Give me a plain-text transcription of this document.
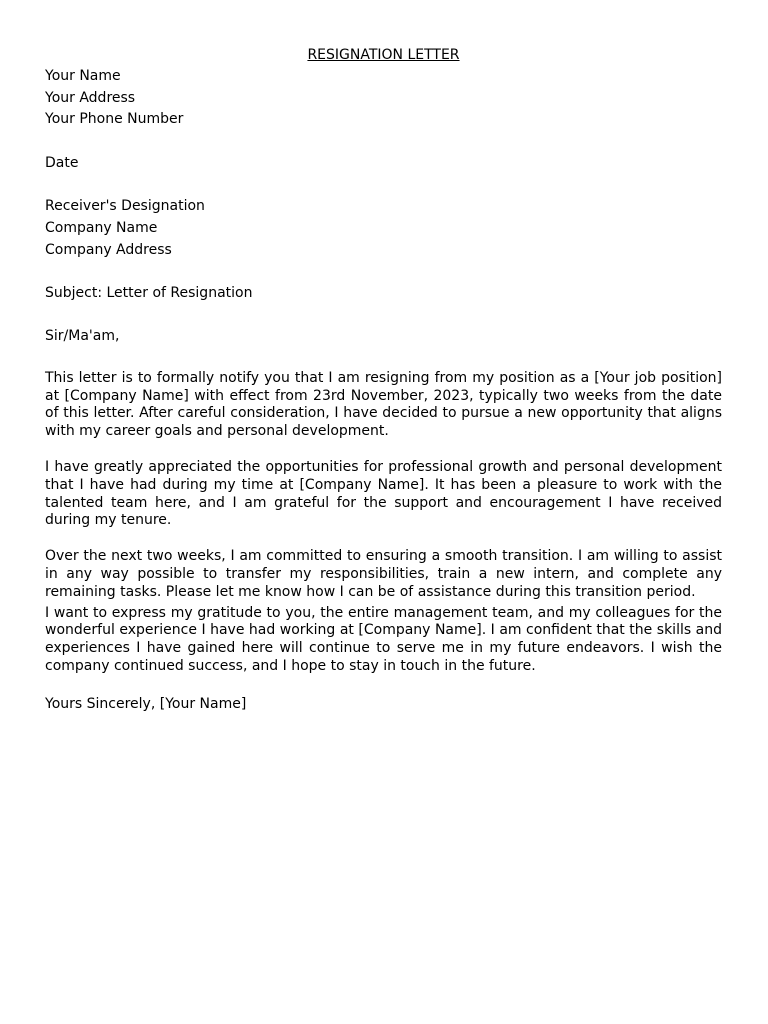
RESIGNATION LETTER
Your Name
Your Address
Your Phone Number
Date
Receiver's Designation
Company Name
Company Address
Subject: Letter of Resignation
Sir/Ma'am,

This letter is to formally notify you that I am resigning from my position as a [Your job position] at [Company Name] with effect from 23rd November, 2023, typically two weeks from the date of this letter. After careful consideration, I have decided to pursue a new opportunity that aligns with my career goals and personal development.

I have greatly appreciated the opportunities for professional growth and personal development that I have had during my time at [Company Name]. It has been a pleasure to work with the talented team here, and I am grateful for the support and encouragement I have received during my tenure.

Over the next two weeks, I am committed to ensuring a smooth transition. I am willing to assist in any way possible to transfer my responsibilities, train a new intern, and complete any remaining tasks. Please let me know how I can be of assistance during this transition period.

I want to express my gratitude to you, the entire management team, and my colleagues for the wonderful experience I have had working at [Company Name]. I am confident that the skills and experiences I have gained here will continue to serve me in my future endeavors. I wish the company continued success, and I hope to stay in touch in the future.

Yours Sincerely, [Your Name]
